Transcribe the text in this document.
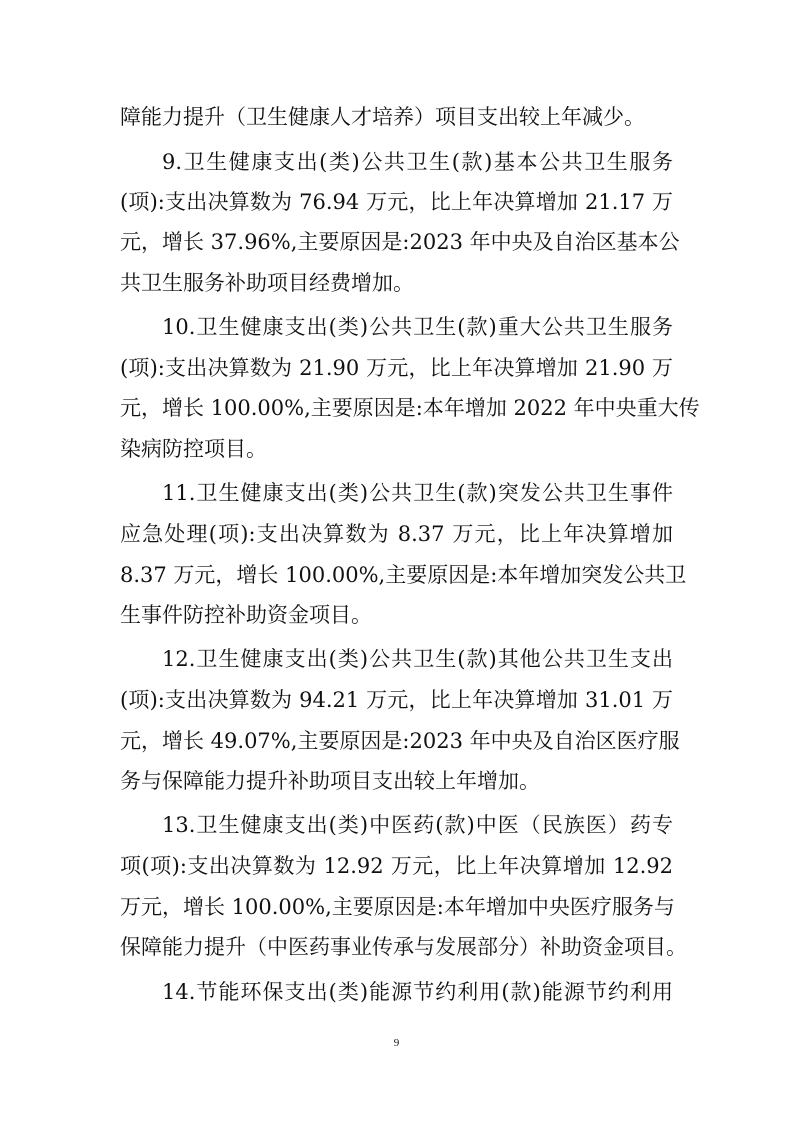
障能力提升（卫生健康人才培养）项目支出较上年减少。
9.卫生健康支出(类)公共卫生(款)基本公共卫生服务
(项):支出决算数为 76.94 万元，比上年决算增加 21.17 万
元，增长 37.96%,主要原因是:2023 年中央及自治区基本公
共卫生服务补助项目经费增加。
10.卫生健康支出(类)公共卫生(款)重大公共卫生服务
(项):支出决算数为 21.90 万元，比上年决算增加 21.90 万
元，增长 100.00%,主要原因是:本年增加 2022 年中央重大传
染病防控项目。
11.卫生健康支出(类)公共卫生(款)突发公共卫生事件
应急处理(项):支出决算数为 8.37 万元，比上年决算增加
8.37 万元，增长 100.00%,主要原因是:本年增加突发公共卫
生事件防控补助资金项目。
12.卫生健康支出(类)公共卫生(款)其他公共卫生支出
(项):支出决算数为 94.21 万元，比上年决算增加 31.01 万
元，增长 49.07%,主要原因是:2023 年中央及自治区医疗服
务与保障能力提升补助项目支出较上年增加。
13.卫生健康支出(类)中医药(款)中医（民族医）药专
项(项):支出决算数为 12.92 万元，比上年决算增加 12.92
万元，增长 100.00%,主要原因是:本年增加中央医疗服务与
保障能力提升（中医药事业传承与发展部分）补助资金项目。
14.节能环保支出(类)能源节约利用(款)能源节约利用
9
